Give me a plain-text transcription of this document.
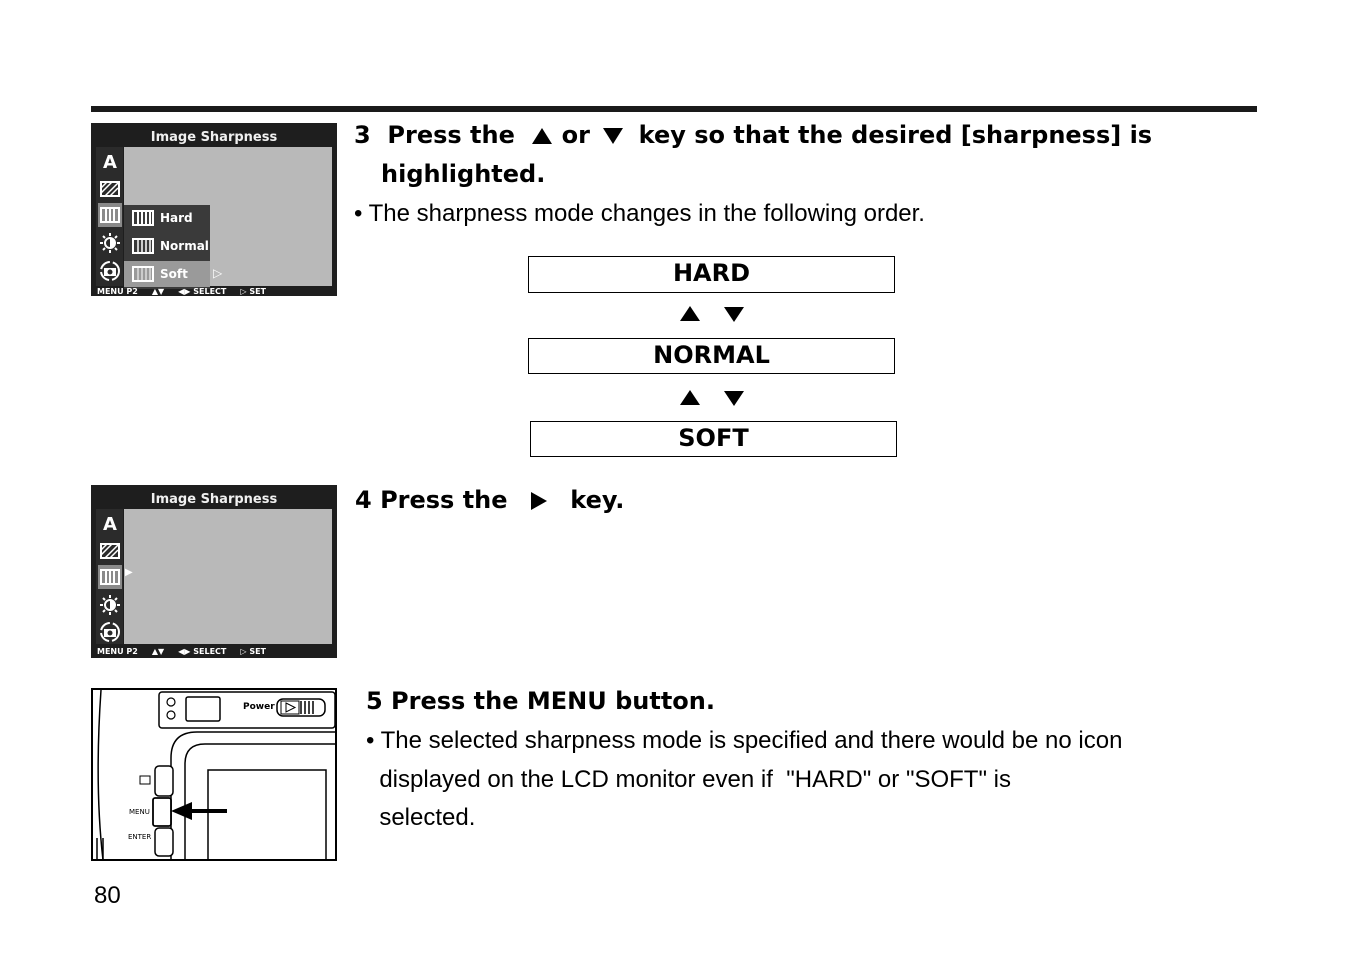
Image Sharpness
A
Hard
Normal
Soft ▷
MENU P2 ▲▼ ◀▶ SELECT ▷ SET
Image Sharpness
A
▶
MENU P2 ▲▼ ◀▶ SELECT ▷ SET
Power
MENU
ENTER
3 Press the or key so that the desired [sharpness] is
highlighted.
• The sharpness mode changes in the following order.
HARD
NORMAL
SOFT
4 Press the	key.
5 Press the MENU button.
• The selected sharpness mode is specified and there would be no icon
displayed on the LCD monitor even if  "HARD" or "SOFT" is
selected.
80
